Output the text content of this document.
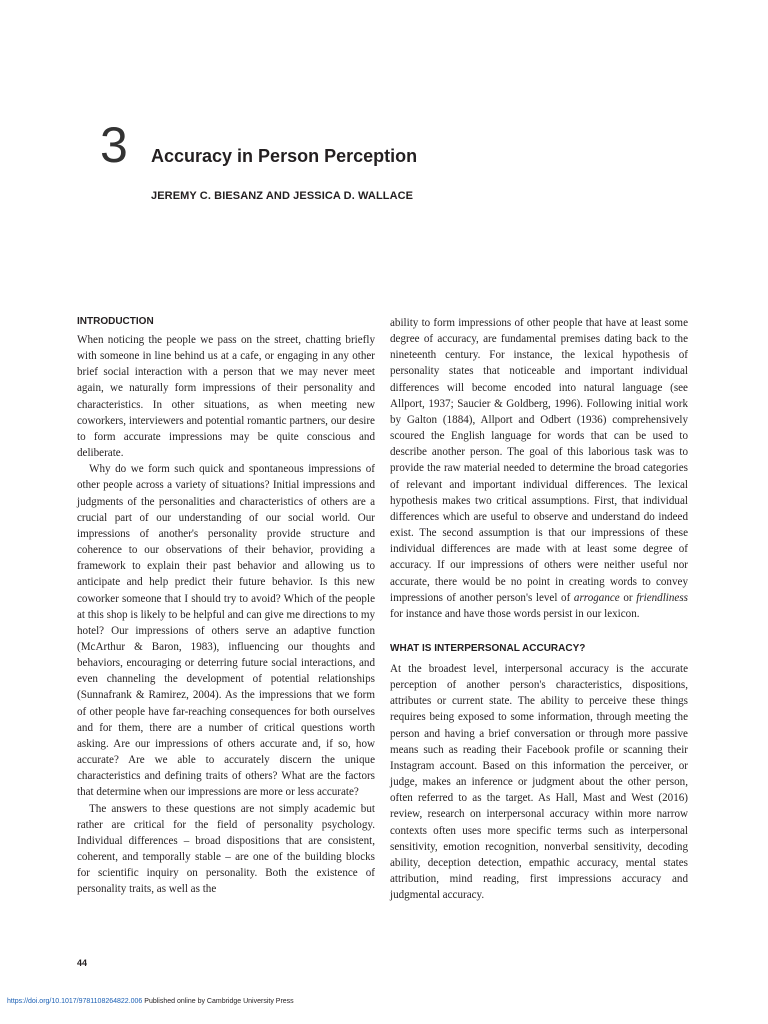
3 Accuracy in Person Perception
JEREMY C. BIESANZ AND JESSICA D. WALLACE
INTRODUCTION

When noticing the people we pass on the street, chatting briefly with someone in line behind us at a cafe, or engaging in any other brief social interaction with a person that we may never meet again, we naturally form impressions of their personality and characteristics. In other situations, as when meeting new coworkers, interviewers and potential romantic partners, our desire to form accurate impressions may be quite conscious and deliberate.

Why do we form such quick and spontaneous impressions of other people across a variety of situations? Initial impressions and judgments of the personalities and characteristics of others are a crucial part of our understanding of our social world. Our impressions of another's personality provide structure and coherence to our observations of their behavior, providing a framework to explain their past behavior and allowing us to anticipate and help predict their future behavior. Is this new coworker someone that I should try to avoid? Which of the people at this shop is likely to be helpful and can give me directions to my hotel? Our impressions of others serve an adaptive function (McArthur & Baron, 1983), influencing our thoughts and behaviors, encouraging or deterring future social interactions, and even channeling the development of potential relationships (Sunnafrank & Ramirez, 2004). As the impressions that we form of other people have far-reaching consequences for both ourselves and for them, there are a number of critical questions worth asking. Are our impressions of others accurate and, if so, how accurate? Are we able to accurately discern the unique characteristics and defining traits of others? What are the factors that determine when our impressions are more or less accurate?

The answers to these questions are not simply academic but rather are critical for the field of personality psychology. Individual differences – broad dispositions that are consistent, coherent, and temporally stable – are one of the building blocks for scientific inquiry on personality. Both the existence of personality traits, as well as the

ability to form impressions of other people that have at least some degree of accuracy, are fundamental premises dating back to the nineteenth century. For instance, the lexical hypothesis of personality states that noticeable and important individual differences will become encoded into natural language (see Allport, 1937; Saucier & Goldberg, 1996). Following initial work by Galton (1884), Allport and Odbert (1936) comprehensively scoured the English language for words that can be used to describe another person. The goal of this laborious task was to provide the raw material needed to determine the broad categories of relevant and important individual differences. The lexical hypothesis makes two critical assumptions. First, that individual differences which are useful to observe and understand do indeed exist. The second assumption is that our impressions of these individual differences are made with at least some degree of accuracy. If our impressions of others were neither useful nor accurate, there would be no point in creating words to convey impressions of another person's level of arrogance or friendliness for instance and have those words persist in our lexicon.

WHAT IS INTERPERSONAL ACCURACY?

At the broadest level, interpersonal accuracy is the accurate perception of another person's characteristics, dispositions, attributes or current state. The ability to perceive these things requires being exposed to some information, through meeting the person and having a brief conversation or through more passive means such as reading their Facebook profile or scanning their Instagram account. Based on this information the perceiver, or judge, makes an inference or judgment about the other person, often referred to as the target. As Hall, Mast and West (2016) review, research on interpersonal accuracy within more narrow contexts often uses more specific terms such as interpersonal sensitivity, emotion recognition, nonverbal sensitivity, decoding ability, deception detection, empathic accuracy, mental states attribution, mind reading, first impressions accuracy and judgmental accuracy.

44
https://doi.org/10.1017/9781108264822.006 Published online by Cambridge University Press
